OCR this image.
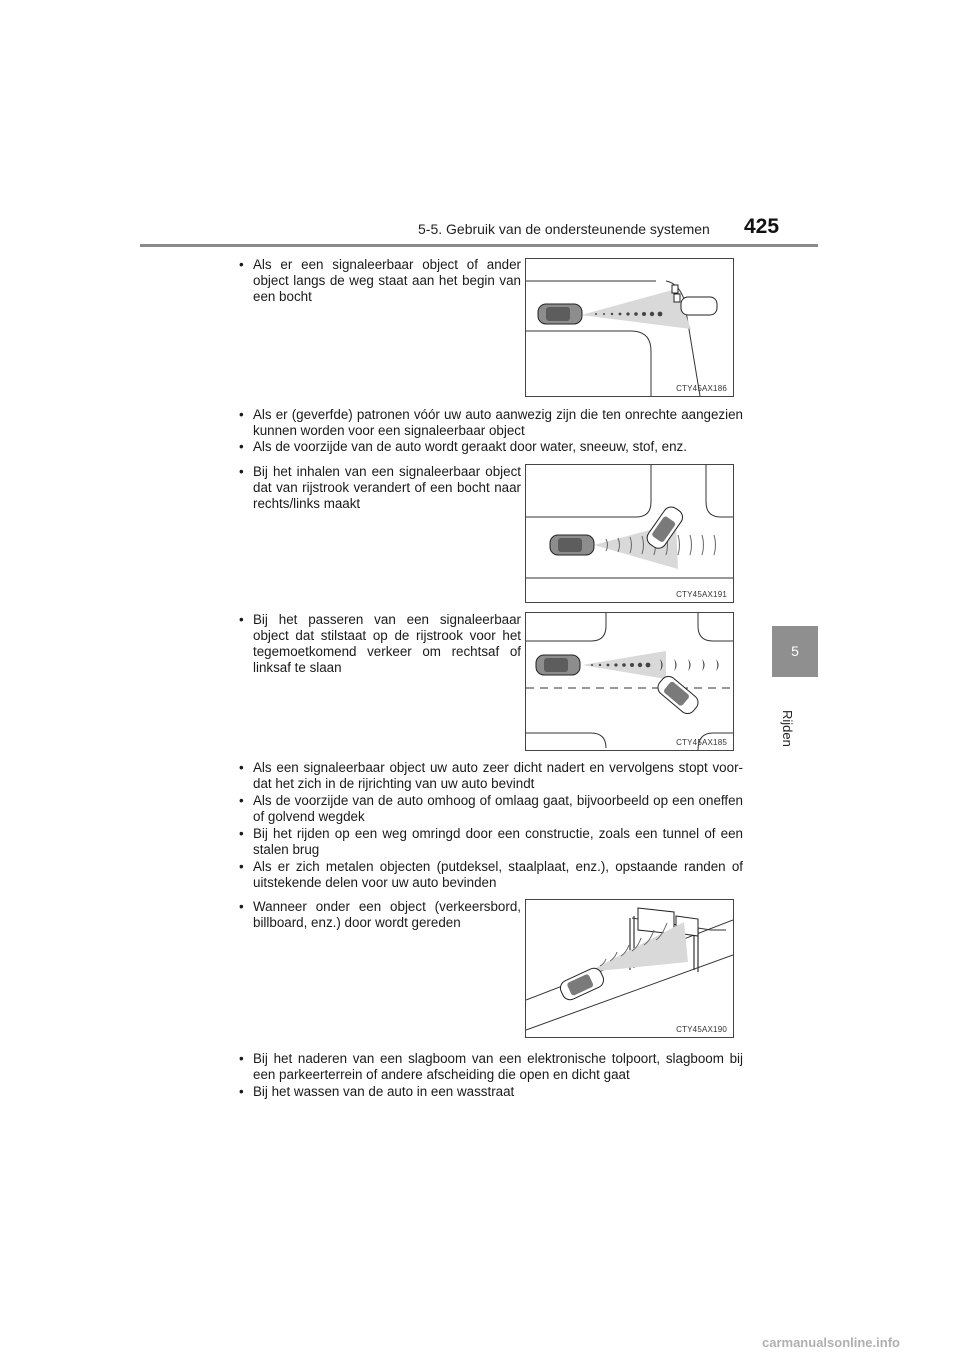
5-5. Gebruik van de ondersteunende systemen 425
5
Rijden
• Als er een signaleerbaar object of ander object langs de weg staat aan het begin van een bocht
CTY45AX186
• Als er (geverfde) patronen vóór uw auto aanwezig zijn die ten onrechte aangezien kunnen worden voor een signaleerbaar object
• Als de voorzijde van de auto wordt geraakt door water, sneeuw, stof, enz.
• Bij het inhalen van een signaleerbaar object dat van rijstrook verandert of een bocht naar rechts/links maakt
CTY45AX191
• Bij het passeren van een signaleerbaar object dat stilstaat op de rijstrook voor het tegemoetkomend verkeer om rechtsaf of linksaf te slaan
CTY45AX185
• Als een signaleerbaar object uw auto zeer dicht nadert en vervolgens stopt voor-dat het zich in de rijrichting van uw auto bevindt
• Als de voorzijde van de auto omhoog of omlaag gaat, bijvoorbeeld op een oneffen of golvend wegdek
• Bij het rijden op een weg omringd door een constructie, zoals een tunnel of een stalen brug
• Als er zich metalen objecten (putdeksel, staalplaat, enz.), opstaande randen of uitstekende delen voor uw auto bevinden
• Wanneer onder een object (verkeersbord, billboard, enz.) door wordt gereden
CTY45AX190
• Bij het naderen van een slagboom van een elektronische tolpoort, slagboom bij een parkeerterrein of andere afscheiding die open en dicht gaat
• Bij het wassen van de auto in een wasstraat
carmanualsonline.info
